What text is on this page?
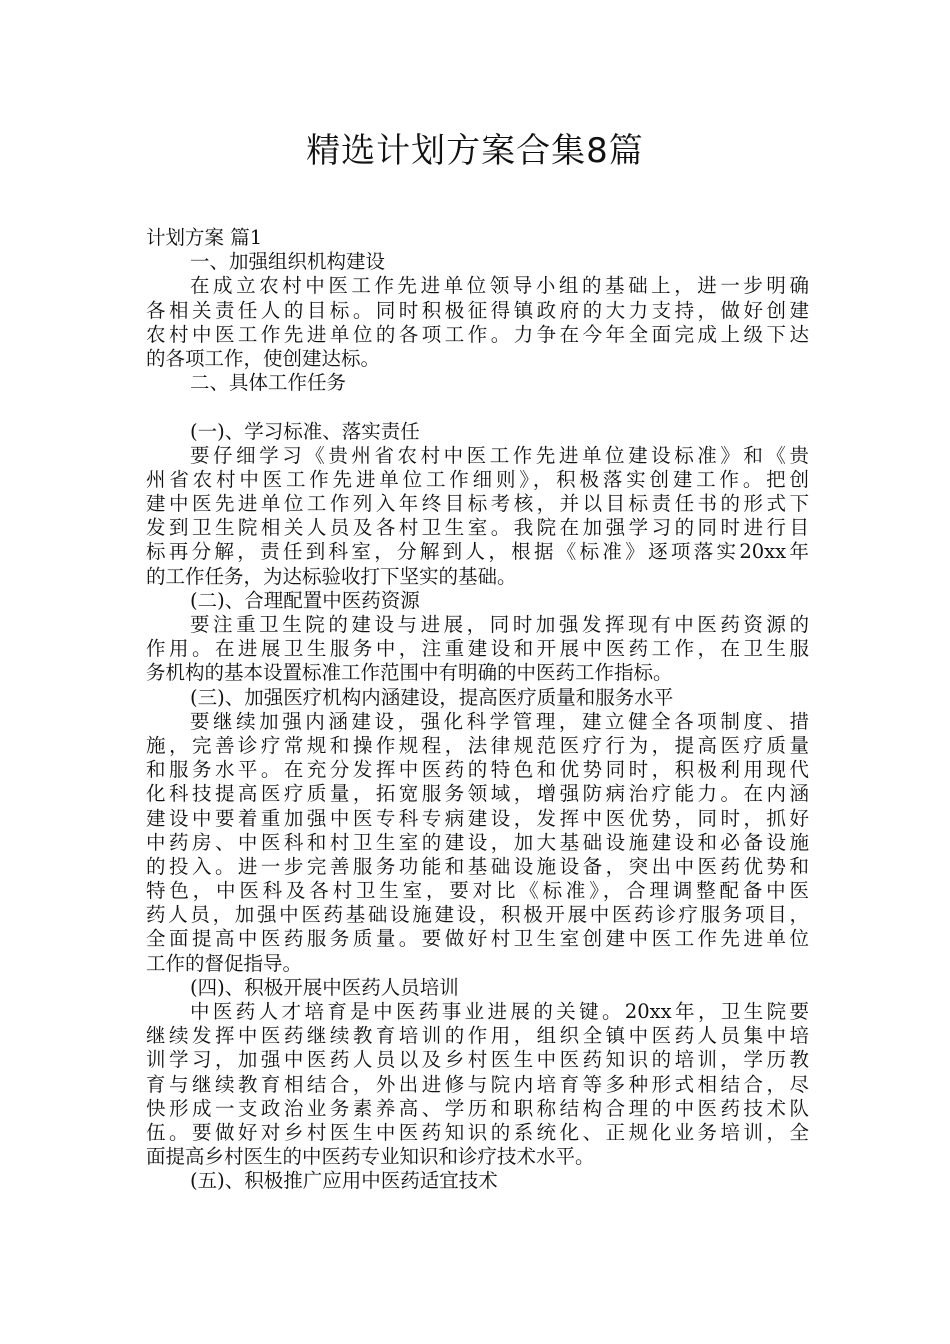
精选计划方案合集8篇
计划方案 篇1
一、加强组织机构建设
在成立农村中医工作先进单位领导小组的基础上，进一步明确
各相关责任人的目标。同时积极征得镇政府的大力支持，做好创建
农村中医工作先进单位的各项工作。力争在今年全面完成上级下达
的各项工作，使创建达标。
二、具体工作任务
(一)、学习标准、落实责任
要仔细学习《贵州省农村中医工作先进单位建设标准》和《贵
州省农村中医工作先进单位工作细则》，积极落实创建工作。把创
建中医先进单位工作列入年终目标考核，并以目标责任书的形式下
发到卫生院相关人员及各村卫生室。我院在加强学习的同时进行目
标再分解，责任到科室，分解到人，根据《标准》逐项落实20xx年
的工作任务，为达标验收打下坚实的基础。
(二)、合理配置中医药资源
要注重卫生院的建设与进展，同时加强发挥现有中医药资源的
作用。在进展卫生服务中，注重建设和开展中医药工作，在卫生服
务机构的基本设置标准工作范围中有明确的中医药工作指标。
(三)、加强医疗机构内涵建设，提高医疗质量和服务水平
要继续加强内涵建设，强化科学管理，建立健全各项制度、措
施，完善诊疗常规和操作规程，法律规范医疗行为，提高医疗质量
和服务水平。在充分发挥中医药的特色和优势同时，积极利用现代
化科技提高医疗质量，拓宽服务领域，增强防病治疗能力。在内涵
建设中要着重加强中医专科专病建设，发挥中医优势，同时，抓好
中药房、中医科和村卫生室的建设，加大基础设施建设和必备设施
的投入。进一步完善服务功能和基础设施设备，突出中医药优势和
特色，中医科及各村卫生室，要对比《标准》，合理调整配备中医
药人员，加强中医药基础设施建设，积极开展中医药诊疗服务项目，
全面提高中医药服务质量。要做好村卫生室创建中医工作先进单位
工作的督促指导。
(四)、积极开展中医药人员培训
中医药人才培育是中医药事业进展的关键。20xx年，卫生院要
继续发挥中医药继续教育培训的作用，组织全镇中医药人员集中培
训学习，加强中医药人员以及乡村医生中医药知识的培训，学历教
育与继续教育相结合，外出进修与院内培育等多种形式相结合，尽
快形成一支政治业务素养高、学历和职称结构合理的中医药技术队
伍。要做好对乡村医生中医药知识的系统化、正规化业务培训，全
面提高乡村医生的中医药专业知识和诊疗技术水平。
(五)、积极推广应用中医药适宜技术
